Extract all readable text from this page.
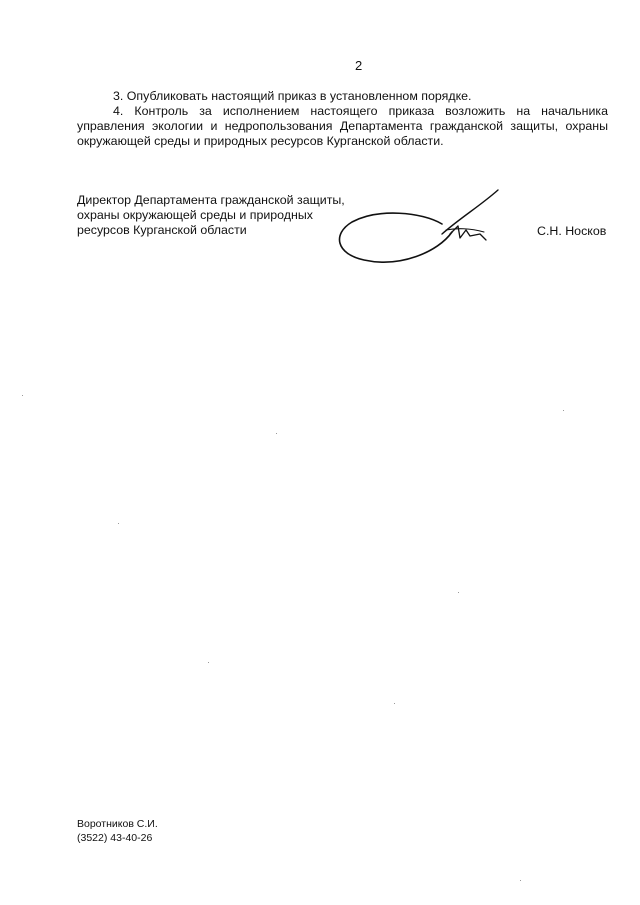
2
3. Опубликовать настоящий приказ в установленном порядке.
4. Контроль за исполнением настоящего приказа возложить на начальника управления экологии и недропользования Департамента гражданской защиты, охраны окружающей среды и природных ресурсов Курганской области.
Директор Департамента гражданской защиты,
охраны окружающей среды и природных
ресурсов Курганской области	С.Н. Носков
Воротников С.И.
(3522) 43-40-26
